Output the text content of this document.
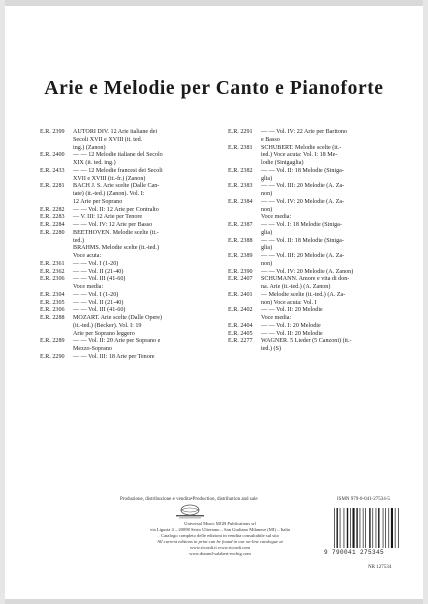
Arie e Melodie per Canto e Pianoforte
E.R. 2399	AUTORI DIV. 12 Arie italiane dei
Secoli XVII e XVIII (it. ted.
ing.) (Zanon)
E.R. 2400	— — 12 Melodie italiane del Secolo
XIX (it. ted. ing.)
E.R. 2433	— — 12 Melodie francesi dei Secoli
XVII e XVIII (it.-fr.) (Zanon)
E.R. 2281	BACH J. S. Arie scelte (Dalle Can-
tate) (it.-ted.) (Zanon). Vol. I:
12 Arie per Soprano
E.R. 2282	— — Vol. II: 12 Arie per Contralto
E.R. 2283	— V. III: 12 Arie per Tenore
E.R. 2284	— — Vol. IV: 12 Arie per Basso
E.R. 2280	BEETHOVEN. Melodie scelte (it.-
ted.)
BRAHMS. Melodie scelte (it.-ted.)
Voce acuta:
E.R. 2361	— — Vol. I (1-20)
E.R. 2362	— — Vol. II (21-40)
E.R. 2306	— — Vol. III (41-60)
Voce media:
E.R. 2304	— — Vol. I (1-20)
E.R. 2305	— — Vol. II (21-40)
E.R. 2306	— — Vol. III (41-60)
E.R. 2288	MOZART. Arie scelte (Dalle Opere)
(it.-ted.) (Becker). Vol. I: 19
Arie per Soprano leggero
E.R. 2289	— — Vol. II: 20 Arie per Soprano e
Mezzo-Soprano
E.R. 2290	— — Vol. III: 18 Arie per Tenore
E.R. 2291	— — Vol. IV: 22 Arie per Baritono
e Basso
E.R. 2381	SCHUBERT. Melodie scelte (it.-
ted.) Voce acuta: Vol. I: 18 Me-
lodie (Sinigaglia)
E.R. 2382	— — Vol. II: 18 Melodie (Siniga-
glia)
E.R. 2383	— — Vol. III: 20 Melodie (A. Za-
non)
E.R. 2384	— — Vol. IV: 20 Melodie (A. Za-
non)
Voce media:
E.R. 2387	— — Vol. I: 18 Melodie (Siniga-
glia)
E.R. 2388	— — Vol. II: 18 Melodie (Siniga-
glia)
E.R. 2389	— — Vol. III: 20 Melodie (A. Za-
non)
E.R. 2390	— — Vol. IV: 20 Melodie (A. Zanon)
E.R. 2407	SCHUMANN. Amore e vita di don-
na. Arie (it.-ted.) (A. Zanon)
E.R. 2401	— Melodie scelte (it.-ted.) (A. Za-
non) Voce acuta: Vol. I
E.R. 2402	— — Vol. II: 20 Melodie
Voce media:
E.R. 2404	— — Vol. I: 20 Melodie
E.R. 2405	— — Vol. II: 20 Melodie
E.R. 2277	WAGNER. 5 Lieder (5 Canzoni) (it.-
ted.) (S)
Produzione, distribuzione e vendita•Production, distribution and sale	ISMN 979-0-041-27534-5
Universal Music MGB Publications srl
via Liguria 4 – 20098 Sesto Ulteriano – San Giuliano Milanese (MI) – Italia
Catalogo completo delle edizioni in vendita consultabile sul sito
All current editions in print can be found in our on-line catalogue at
www.ricordi.it www.ricordi.com
www.durand-salabert-eschig.com	9 790041 275345
NR 127534
